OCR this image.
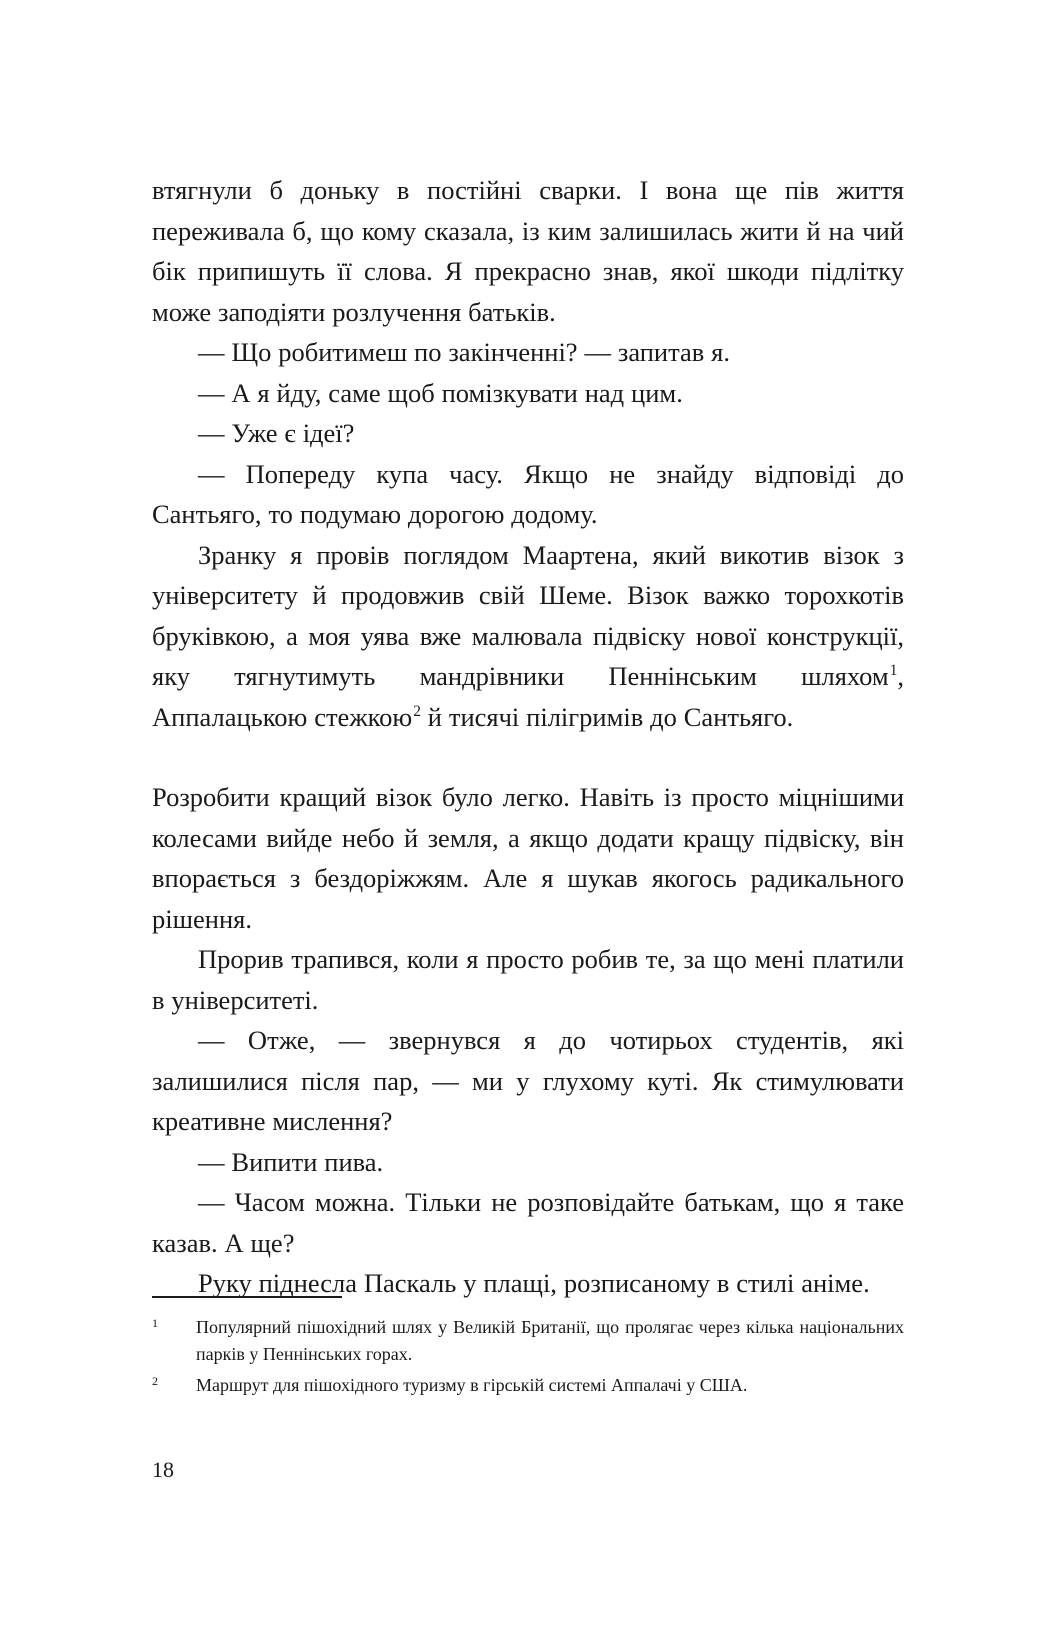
втягнули б доньку в постійні сварки. І вона ще пів життя переживала б, що кому сказала, із ким залишилась жити й на чий бік припишуть її слова. Я прекрасно знав, якої шкоди підлітку може заподіяти розлучення батьків.

— Що робитимеш по закінченні? — запитав я.

— А я йду, саме щоб помізкувати над цим.

— Уже є ідеї?

— Попереду купа часу. Якщо не знайду відповіді до Сантьяго, то подумаю дорогою додому.

Зранку я провів поглядом Маартена, який викотив візок з університету й продовжив свій Шеме. Візок важко торохкотів бруківкою, а моя уява вже малювала підвіску нової конструкції, яку тягнутимуть мандрівники Пеннінським шляхом$^1$, Аппалацькою стежкою$^2$ й тисячі пілігримів до Сантьяго.

Розробити кращий візок було легко. Навіть із просто міцнішими колесами вийде небо й земля, а якщо додати кращу підвіску, він впорається з бездоріжжям. Але я шукав якогось радикального рішення.

Прорив трапився, коли я просто робив те, за що мені платили в університеті.

— Отже, — звернувся я до чотирьох студентів, які залишилися після пар, — ми у глухому куті. Як стимулювати креативне мислення?

— Випити пива.

— Часом можна. Тільки не розповідайте батькам, що я таке казав. А ще?

Руку піднесла Паскаль у плащі, розписаному в стилі аніме.

1 Популярний пішохідний шлях у Великій Британії, що пролягає через кілька національних парків у Пеннінських горах.
2 Маршрут для пішохідного туризму в гірській системі Аппалачі у США.
18
